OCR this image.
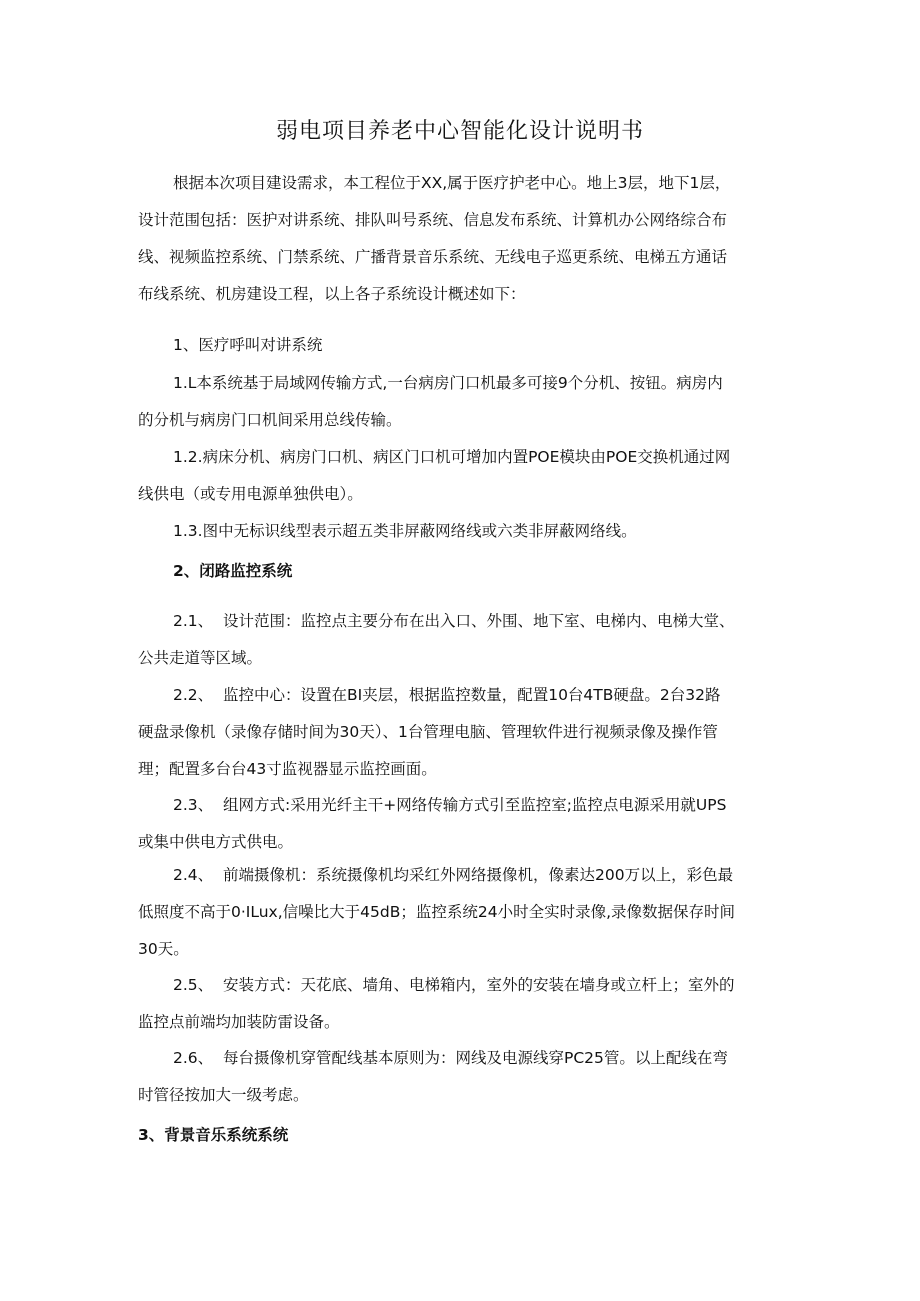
弱电项目养老中心智能化设计说明书
根据本次项目建设需求，本工程位于XX,属于医疗护老中心。地上3层，地下1层，
设计范围包括：医护对讲系统、排队叫号系统、信息发布系统、计算机办公网络综合布
线、视频监控系统、门禁系统、广播背景音乐系统、无线电子巡更系统、电梯五方通话
布线系统、机房建设工程，以上各子系统设计概述如下：
1、医疗呼叫对讲系统
1.L本系统基于局域网传输方式,一台病房门口机最多可接9个分机、按钮。病房内
的分机与病房门口机间采用总线传输。
1.2.病床分机、病房门口机、病区门口机可增加内置POE模块由POE交换机通过网
线供电（或专用电源单独供电）。
1.3.图中无标识线型表示超五类非屏蔽网络线或六类非屏蔽网络线。
2、闭路监控系统
2.1、 设计范围：监控点主要分布在出入口、外围、地下室、电梯内、电梯大堂、
公共走道等区域。
2.2、 监控中心：设置在BI夹层，根据监控数量，配置10台4TB硬盘。2台32路
硬盘录像机（录像存储时间为30天）、1台管理电脑、管理软件进行视频录像及操作管
理；配置多台台43寸监视器显示监控画面。
2.3、 组网方式:采用光纤主干+网络传输方式引至监控室;监控点电源采用就UPS
或集中供电方式供电。
2.4、 前端摄像机：系统摄像机均采红外网络摄像机，像素达200万以上，彩色最
低照度不高于0·ILux,信噪比大于45dB；监控系统24小时全实时录像,录像数据保存时间
30天。
2.5、 安装方式：天花底、墙角、电梯箱内，室外的安装在墙身或立杆上；室外的
监控点前端均加装防雷设备。
2.6、 每台摄像机穿管配线基本原则为：网线及电源线穿PC25管。以上配线在弯
时管径按加大一级考虑。
3、背景音乐系统系统
